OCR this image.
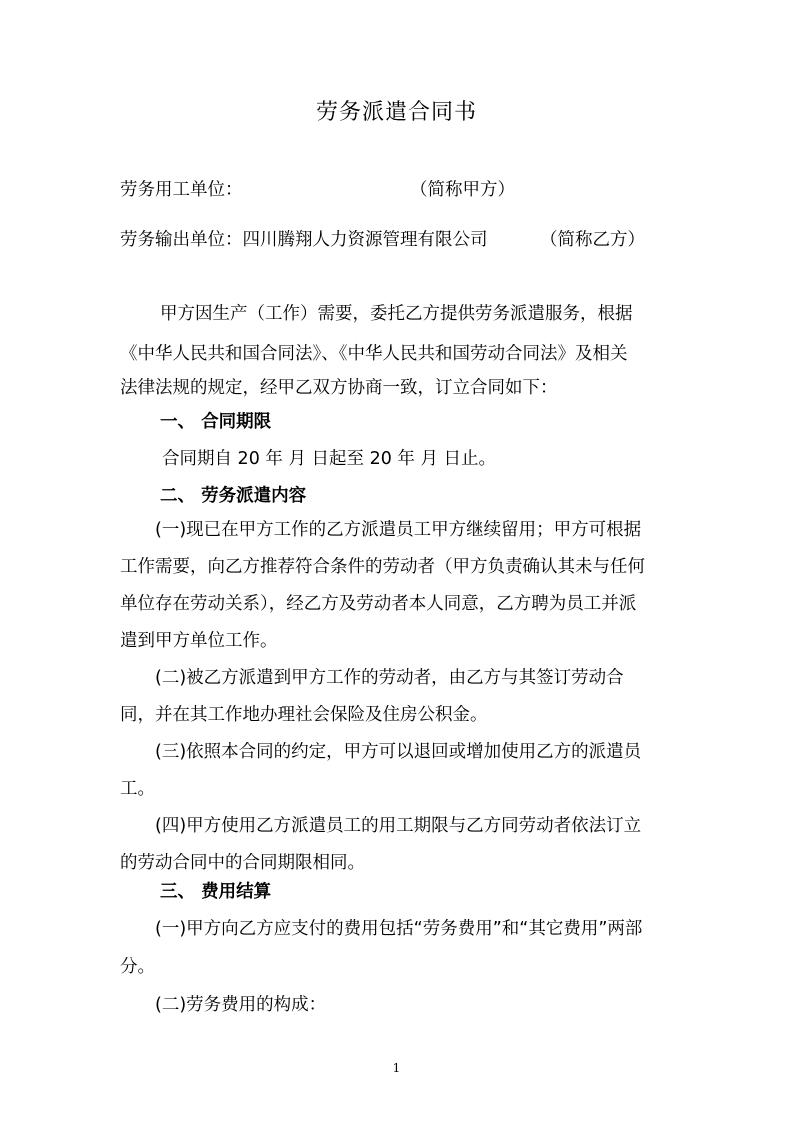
劳务派遣合同书
劳务用工单位：	（简称甲方）
劳务输出单位：四川腾翔人力资源管理有限公司	（简称乙方）
甲方因生产（工作）需要，委托乙方提供劳务派遣服务，根据
《中华人民共和国合同法》、《中华人民共和国劳动合同法》及相关
法律法规的规定，经甲乙双方协商一致，订立合同如下：
一、 合同期限
合同期自 20 年 月 日起至 20 年 月 日止。
二、 劳务派遣内容
(一)现已在甲方工作的乙方派遣员工甲方继续留用；甲方可根据
工作需要，向乙方推荐符合条件的劳动者（甲方负责确认其未与任何
单位存在劳动关系），经乙方及劳动者本人同意，乙方聘为员工并派
遣到甲方单位工作。
(二)被乙方派遣到甲方工作的劳动者，由乙方与其签订劳动合
同，并在其工作地办理社会保险及住房公积金。
(三)依照本合同的约定，甲方可以退回或增加使用乙方的派遣员
工。
(四)甲方使用乙方派遣员工的用工期限与乙方同劳动者依法订立
的劳动合同中的合同期限相同。
三、 费用结算
(一)甲方向乙方应支付的费用包括“劳务费用”和“其它费用”两部
分。
(二)劳务费用的构成：
1
